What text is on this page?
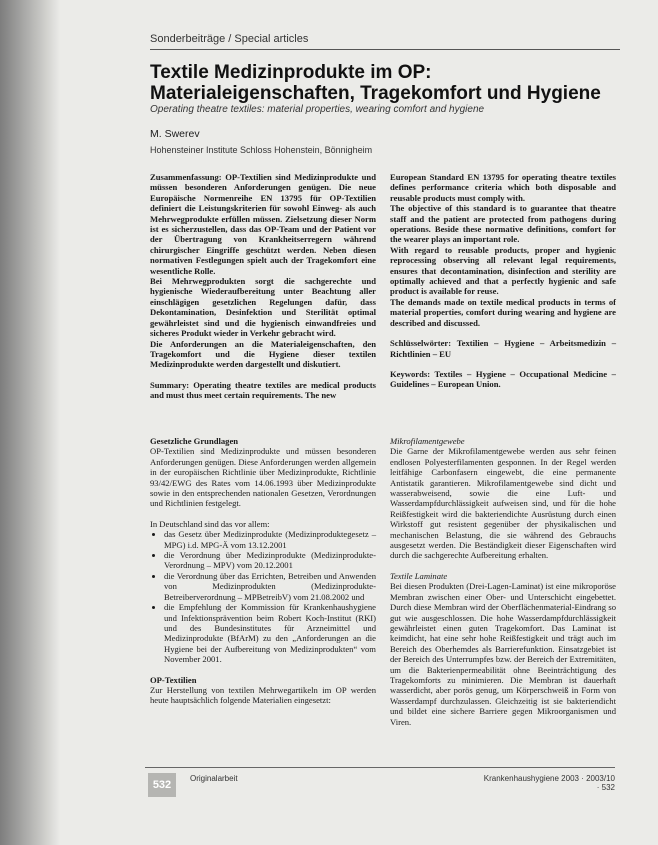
Sonderbeiträge / Special articles
Textile Medizinprodukte im OP:
Materialeigenschaften, Tragekomfort und Hygiene
Operating theatre textiles: material properties, wearing comfort and hygiene
M. Swerev
Hohensteiner Institute Schloss Hohenstein, Bönnigheim

Zusammenfassung: OP-Textilien sind Medizinprodukte und müssen besonderen Anforderungen genügen. Die neue Europäische Normenreihe EN 13795 für OP-Textilien definiert die Leistungskriterien für sowohl Einweg- als auch Mehrwegprodukte erfüllen müssen. Zielsetzung dieser Norm ist es sicherzustellen, dass das OP-Team und der Patient vor der Übertragung von Krankheitserregern während chirurgischer Eingriffe geschützt werden. Neben diesen normativen Festlegungen spielt auch der Tragekomfort eine wesentliche Rolle.

Bei Mehrwegprodukten sorgt die sachgerechte und hygienische Wiederaufbereitung unter Beachtung aller einschlägigen gesetzlichen Regelungen dafür, dass Dekontamination, Desinfektion und Sterilität optimal gewährleistet sind und die hygienisch einwandfreies und sicheres Produkt wieder in Verkehr gebracht wird.

Die Anforderungen an die Materialeigenschaften, den Tragekomfort und die Hygiene dieser textilen Medizinprodukte werden dargestellt und diskutiert.

Summary: Operating theatre textiles are medical products and must thus meet certain requirements. The new

European Standard EN 13795 for operating theatre textiles defines performance criteria which both disposable and reusable products must comply with.

The objective of this standard is to guarantee that theatre staff and the patient are protected from pathogens during operations. Beside these normative definitions, comfort for the wearer plays an important role.

With regard to reusable products, proper and hygienic reprocessing observing all relevant legal requirements, ensures that decontamination, disinfection and sterility are optimally achieved and that a perfectly hygienic and safe product is available for reuse.

The demands made on textile medical products in terms of material properties, comfort during wearing and hygiene are described and discussed.

Schlüsselwörter: Textilien – Hygiene – Arbeitsmedizin – Richtlinien – EU

Keywords: Textiles – Hygiene – Occupational Medicine – Guidelines – European Union.

Gesetzliche Grundlagen

OP-Textilien sind Medizinprodukte und müssen besonderen Anforderungen genügen. Diese Anforderungen werden allgemein in der europäischen Richtlinie über Medizinprodukte, Richtlinie 93/42/EWG des Rates vom 14.06.1993 über Medizinprodukte sowie in den entsprechenden nationalen Gesetzen, Verordnungen und Richtlinien festgelegt.

In Deutschland sind das vor allem:

• das Gesetz über Medizinprodukte (Medizinproduktegesetz – MPG) i.d. MPG-Ä vom 13.12.2001
• die Verordnung über Medizinprodukte (Medizinprodukte-Verordnung – MPV) vom 20.12.2001
• die Verordnung über das Errichten, Betreiben und Anwenden von Medizinprodukten (Medizinprodukte-Betreiberverordnung – MPBetreibV) vom 21.08.2002 und
• die Empfehlung der Kommission für Krankenhaushygiene und Infektionsprävention beim Robert Koch-Institut (RKI) und des Bundesinstitutes für Arzneimittel und Medizinprodukte (BfArM) zu den „Anforderungen an die Hygiene bei der Aufbereitung von Medizinprodukten“ vom November 2001.

OP-Textilien

Zur Herstellung von textilen Mehrwegartikeln im OP werden heute hauptsächlich folgende Materialien eingesetzt:

Mikrofilamentgewebe

Die Garne der Mikrofilamentgewebe werden aus sehr feinen endlosen Polyesterfilamenten gesponnen. In der Regel werden leitfähige Carbonfasern eingewebt, die eine permanente Antistatik garantieren. Mikrofilamentgewebe sind dicht und wasserabweisend, sowie die eine Luft- und Wasserdampfdurchlässigkeit aufweisen sind, und für die hohe Reißfestigkeit wird die bakteriendichte Ausrüstung durch einen Wirkstoff gut resistent gegenüber der physikalischen und mechanischen Belastung, die sie während des Gebrauchs ausgesetzt werden. Die Beständigkeit dieser Eigenschaften wird durch die sachgerechte Aufbereitung erhalten.

Textile Laminate

Bei diesen Produkten (Drei-Lagen-Laminat) ist eine mikroporöse Membran zwischen einer Ober- und Unterschicht eingebettet. Durch diese Membran wird der Oberflächenmaterial-Eindrang so gut wie ausgeschlossen. Die hohe Wasserdampfdurchlässigkeit gewährleistet einen guten Tragekomfort. Das Laminat ist keimdicht, hat eine sehr hohe Reißfestigkeit und trägt auch im Bereich des Oberhemdes als Barrierefunktion. Einsatzgebiet ist der Bereich des Unterrumpfes bzw. der Bereich der Extremitäten, um die Bakterienpermeabilität ohne Beeinträchtigung des Tragekomforts zu minimieren. Die Membran ist dauerhaft wasserdicht, aber porös genug, um Körperschweiß in Form von Wasserdampf durchzulassen. Gleichzeitig ist sie bakteriendicht und bildet eine sichere Barriere gegen Mikroorganismen und Viren.

532
Originalarbeit	Krankenhaushygiene 2003 · 2003/10 · 532
